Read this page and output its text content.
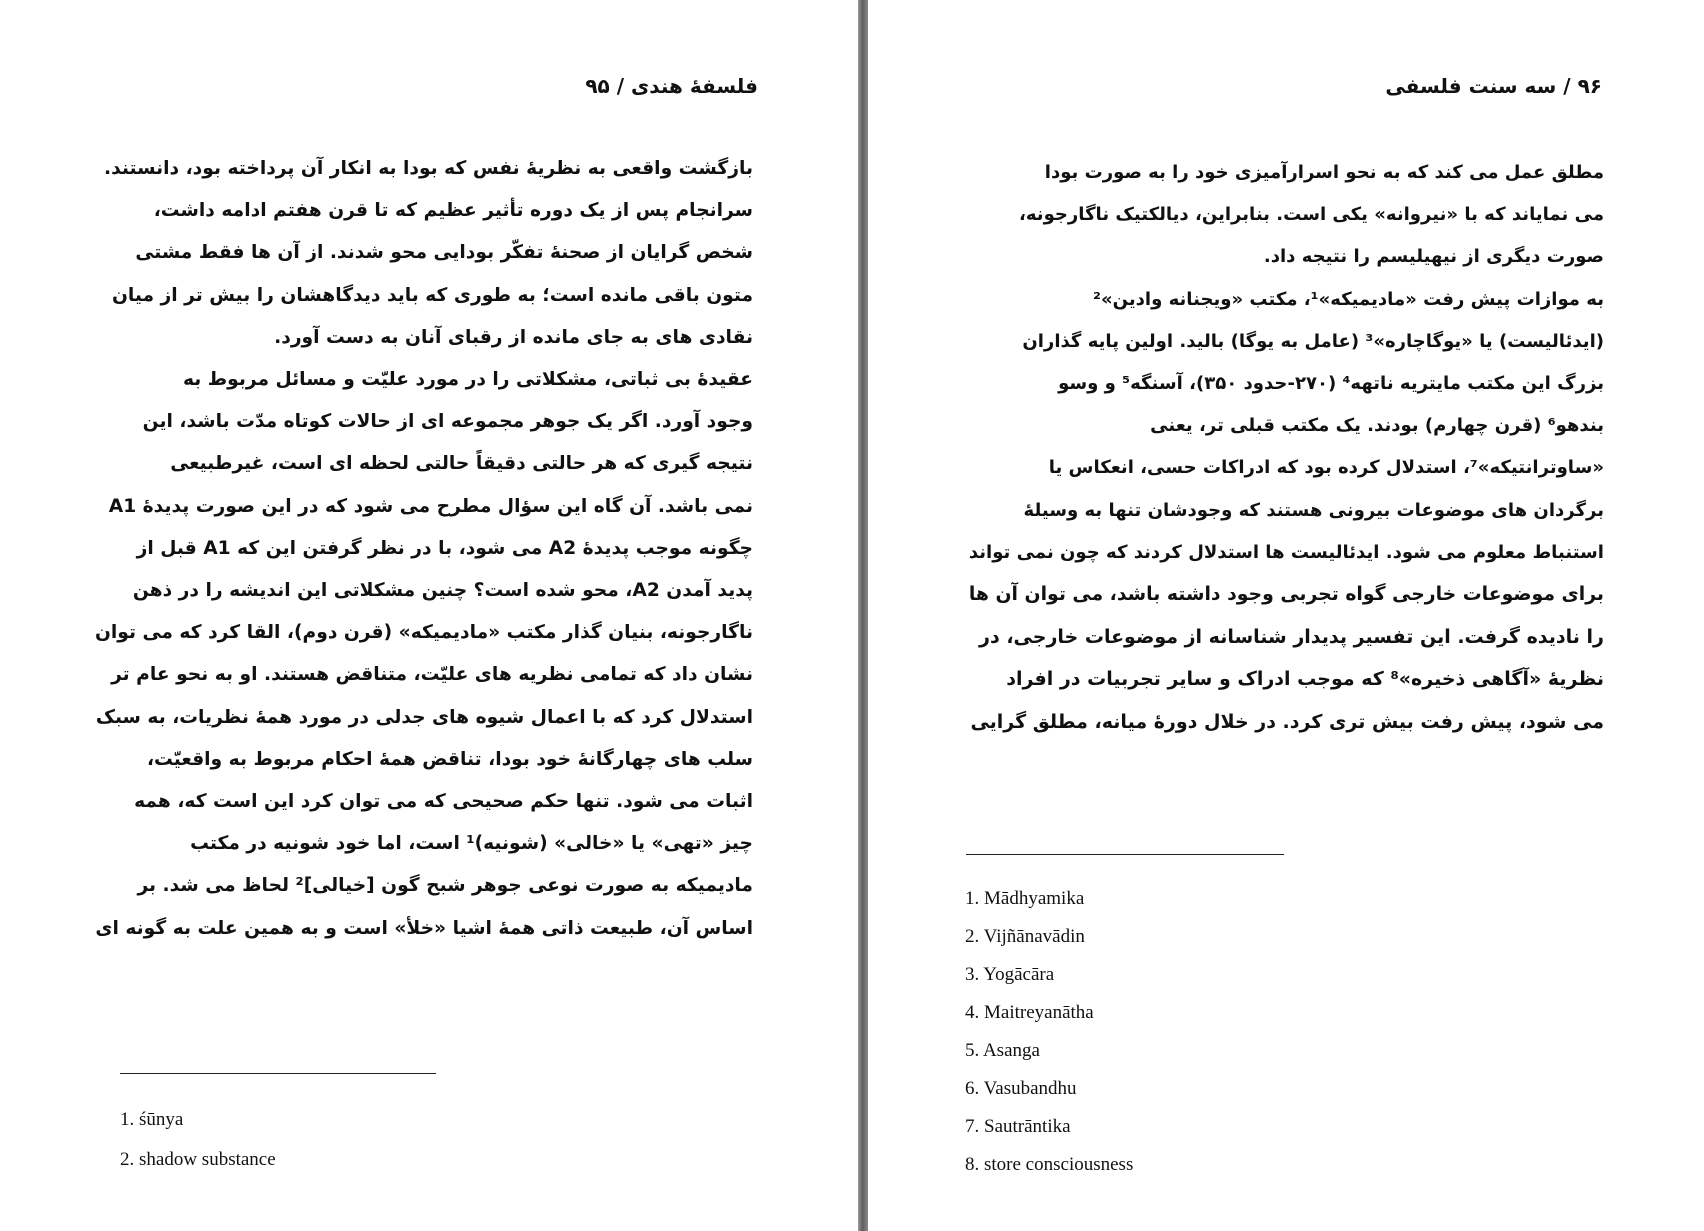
فلسفۀ هندی / ۹۵
بازگشت واقعی به نظریۀ نفس که بودا به انکار آن پرداخته بود، دانستند.
سرانجام پس از یک دوره تأثیر عظیم که تا قرن هفتم ادامه داشت،
شخص گرایان از صحنۀ تفکّر بودایی محو شدند. از آن ها فقط مشتی
متون باقی مانده است؛ به طوری که باید دیدگاهشان را بیش تر از میان
نقادی های به جای مانده از رقبای آنان به دست آورد.
عقیدۀ بی ثباتی، مشکلاتی را در مورد علیّت و مسائل مربوط به
وجود آورد. اگر یک جوهر مجموعه ای از حالات کوتاه مدّت باشد، این
نتیجه گیری که هر حالتی دقیقاً حالتی لحظه ای است، غیرطبیعی
نمی باشد. آن گاه این سؤال مطرح می شود که در این صورت پدیدۀ A1
چگونه موجب پدیدۀ A2 می شود، با در نظر گرفتن این که A1 قبل از
پدید آمدن A2، محو شده است؟ چنین مشکلاتی این اندیشه را در ذهن
ناگارجونه، بنیان گذار مکتب «مادیمیکه» (قرن دوم)، القا کرد که می توان
نشان داد که تمامی نظریه های علیّت، متناقض هستند. او به نحو عام تر
استدلال کرد که با اعمال شیوه های جدلی در مورد همۀ نظریات، به سبک
سلب های چهارگانۀ خود بودا، تناقض همۀ احکام مربوط به واقعیّت،
اثبات می شود. تنها حکم صحیحی که می توان کرد این است که، همه
چیز «تهی» یا «خالی» (شونیه)¹ است، اما خود شونیه در مکتب
مادیمیکه به صورت نوعی جوهر شبح گون [خیالی]² لحاظ می شد. بر
اساس آن، طبیعت ذاتی همۀ اشیا «خلأ» است و به همین علت به گونه ای
1. śūnya
2. shadow substance
۹۶ / سه سنت فلسفی
مطلق عمل می کند که به نحو اسرارآمیزی خود را به صورت بودا
می نمایاند که با «نیروانه» یکی است. بنابراین، دیالکتیک ناگارجونه،
صورت دیگری از نیهیلیسم را نتیجه داد.
به موازات پیش رفت «مادیمیکه»¹، مکتب «ویجنانه وادین»²
(ایدئالیست) یا «یوگاچاره»³ (عامل به یوگا) بالید. اولین پایه گذاران
بزرگ این مکتب مایتریه ناتهه⁴ (۲۷۰-حدود ۳۵۰)، آسنگه⁵ و وسو
بندهو⁶ (قرن چهارم) بودند. یک مکتب قبلی تر، یعنی
«ساوترانتیکه»⁷، استدلال کرده بود که ادراکات حسی، انعکاس یا
برگردان های موضوعات بیرونی هستند که وجودشان تنها به وسیلۀ
استنباط معلوم می شود. ایدئالیست ها استدلال کردند که چون نمی تواند
برای موضوعات خارجی گواه تجربی وجود داشته باشد، می توان آن ها
را نادیده گرفت. این تفسیر پدیدار شناسانه از موضوعات خارجی، در
نظریۀ «آگاهی ذخیره»⁸ که موجب ادراک و سایر تجربیات در افراد
می شود، پیش رفت بیش تری کرد. در خلال دورۀ میانه، مطلق گرایی
1. Mādhyamika
2. Vijñānavādin
3. Yogācāra
4. Maitreyanātha
5. Asanga
6. Vasubandhu
7. Sautrāntika
8. store consciousness
